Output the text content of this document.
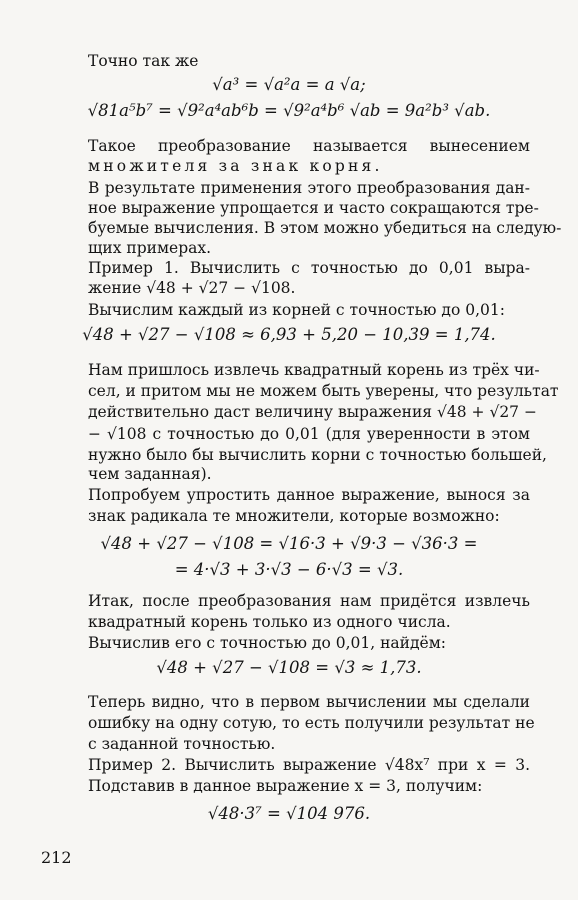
Точно так же
√a³ = √a²a = a √a;
√81a⁵b⁷ = √9²a⁴ab⁶b = √9²a⁴b⁶ √ab = 9a²b³ √ab.
Такое преобразование называется вынесением
множителя за знак корня.
В результате применения этого преобразования дан-
ное выражение упрощается и часто сокращаются тре-
буемые вычисления. В этом можно убедиться на следую-
щих примерах.
Пример 1. Вычислить с точностью до 0,01 выра-
жение √48 + √27 − √108.
Вычислим каждый из корней с точностью до 0,01:
√48 + √27 − √108 ≈ 6,93 + 5,20 − 10,39 = 1,74.
Нам пришлось извлечь квадратный корень из трёх чи-
сел, и притом мы не можем быть уверены, что результат
действительно даст величину выражения √48 + √27 −
− √108 с точностью до 0,01 (для уверенности в этом
нужно было бы вычислить корни с точностью большей,
чем заданная).
Попробуем упростить данное выражение, вынося за
знак радикала те множители, которые возможно:
√48 + √27 − √108 = √16·3 + √9·3 − √36·3 =
= 4·√3 + 3·√3 − 6·√3 = √3.
Итак, после преобразования нам придётся извлечь
квадратный корень только из одного числа.
Вычислив его с точностью до 0,01, найдём:
√48 + √27 − √108 = √3 ≈ 1,73.
Теперь видно, что в первом вычислении мы сделали
ошибку на одну сотую, то есть получили результат не
с заданной точностью.
Пример 2. Вычислить выражение √48x⁷ при x = 3.
Подставив в данное выражение x = 3, получим:
√48·3⁷ = √104 976.
212
